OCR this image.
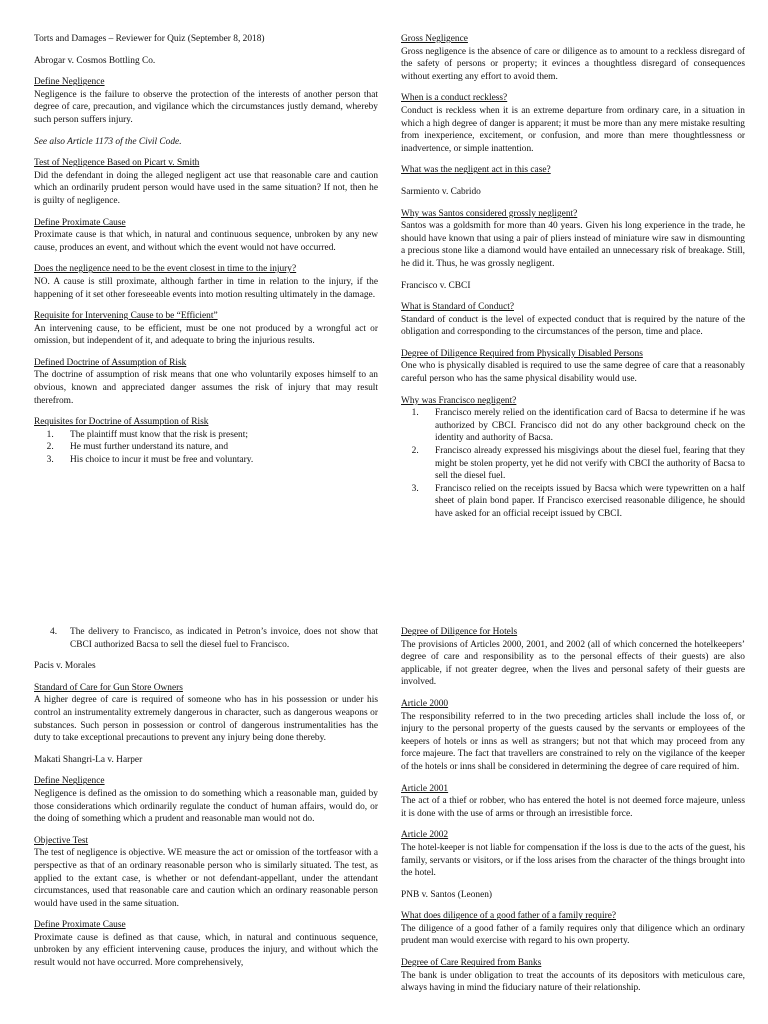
Torts and Damages – Reviewer for Quiz (September 8, 2018)
Abrogar v. Cosmos Bottling Co.
Define Negligence
Negligence is the failure to observe the protection of the interests of another person that degree of care, precaution, and vigilance which the circumstances justly demand, whereby such person suffers injury.
See also Article 1173 of the Civil Code.
Test of Negligence Based on Picart v. Smith
Did the defendant in doing the alleged negligent act use that reasonable care and caution which an ordinarily prudent person would have used in the same situation? If not, then he is guilty of negligence.
Define Proximate Cause
Proximate cause is that which, in natural and continuous sequence, unbroken by any new cause, produces an event, and without which the event would not have occurred.
Does the negligence need to be the event closest in time to the injury?
NO. A cause is still proximate, although farther in time in relation to the injury, if the happening of it set other foreseeable events into motion resulting ultimately in the damage.
Requisite for Intervening Cause to be “Efficient”
An intervening cause, to be efficient, must be one not produced by a wrongful act or omission, but independent of it, and adequate to bring the injurious results.
Defined Doctrine of Assumption of Risk
The doctrine of assumption of risk means that one who voluntarily exposes himself to an obvious, known and appreciated danger assumes the risk of injury that may result therefrom.
Requisites for Doctrine of Assumption of Risk
1. The plaintiff must know that the risk is present;
2. He must further understand its nature, and
3. His choice to incur it must be free and voluntary.
Gross Negligence
Gross negligence is the absence of care or diligence as to amount to a reckless disregard of the safety of persons or property; it evinces a thoughtless disregard of consequences without exerting any effort to avoid them.
When is a conduct reckless?
Conduct is reckless when it is an extreme departure from ordinary care, in a situation in which a high degree of danger is apparent; it must be more than any mere mistake resulting from inexperience, excitement, or confusion, and more than mere thoughtlessness or inadvertence, or simple inattention.
What was the negligent act in this case?
Sarmiento v. Cabrido
Why was Santos considered grossly negligent?
Santos was a goldsmith for more than 40 years. Given his long experience in the trade, he should have known that using a pair of pliers instead of miniature wire saw in dismounting a precious stone like a diamond would have entailed an unnecessary risk of breakage. Still, he did it. Thus, he was grossly negligent.
Francisco v. CBCI
What is Standard of Conduct?
Standard of conduct is the level of expected conduct that is required by the nature of the obligation and corresponding to the circumstances of the person, time and place.
Degree of Diligence Required from Physically Disabled Persons
One who is physically disabled is required to use the same degree of care that a reasonably careful person who has the same physical disability would use.
Why was Francisco negligent?
1. Francisco merely relied on the identification card of Bacsa to determine if he was authorized by CBCI. Francisco did not do any other background check on the identity and authority of Bacsa.
2. Francisco already expressed his misgivings about the diesel fuel, fearing that they might be stolen property, yet he did not verify with CBCI the authority of Bacsa to sell the diesel fuel.
3. Francisco relied on the receipts issued by Bacsa which were typewritten on a half sheet of plain bond paper. If Francisco exercised reasonable diligence, he should have asked for an official receipt issued by CBCI.
4.	The delivery to Francisco, as indicated in Petron’s invoice, does not show that CBCI authorized Bacsa to sell the diesel fuel to Francisco.
Pacis v. Morales
Standard of Care for Gun Store Owners
A higher degree of care is required of someone who has in his possession or under his control an instrumentality extremely dangerous in character, such as dangerous weapons or substances. Such person in possession or control of dangerous instrumentalities has the duty to take exceptional precautions to prevent any injury being done thereby.
Makati Shangri-La v. Harper
Define Negligence
Negligence is defined as the omission to do something which a reasonable man, guided by those considerations which ordinarily regulate the conduct of human affairs, would do, or the doing of something which a prudent and reasonable man would not do.
Objective Test
The test of negligence is objective. WE measure the act or omission of the tortfeasor with a perspective as that of an ordinary reasonable person who is similarly situated. The test, as applied to the extant case, is whether or not defendant-appellant, under the attendant circumstances, used that reasonable care and caution which an ordinary reasonable person would have used in the same situation.
Define Proximate Cause
Proximate cause is defined as that cause, which, in natural and continuous sequence, unbroken by any efficient intervening cause, produces the injury, and without which the result would not have occurred. More comprehensively,
Degree of Diligence for Hotels
The provisions of Articles 2000, 2001, and 2002 (all of which concerned the hotelkeepers’ degree of care and responsibility as to the personal effects of their guests) are also applicable, if not greater degree, when the lives and personal safety of their guests are involved.
Article 2000
The responsibility referred to in the two preceding articles shall include the loss of, or injury to the personal property of the guests caused by the servants or employees of the keepers of hotels or inns as well as strangers; but not that which may proceed from any force majeure. The fact that travellers are constrained to rely on the vigilance of the keeper of the hotels or inns shall be considered in determining the degree of care required of him.
Article 2001
The act of a thief or robber, who has entered the hotel is not deemed force majeure, unless it is done with the use of arms or through an irresistible force.
Article 2002
The hotel-keeper is not liable for compensation if the loss is due to the acts of the guest, his family, servants or visitors, or if the loss arises from the character of the things brought into the hotel.
PNB v. Santos (Leonen)
What does diligence of a good father of a family require?
The diligence of a good father of a family requires only that diligence which an ordinary prudent man would exercise with regard to his own property.
Degree of Care Required from Banks
The bank is under obligation to treat the accounts of its depositors with meticulous care, always having in mind the fiduciary nature of their relationship.
